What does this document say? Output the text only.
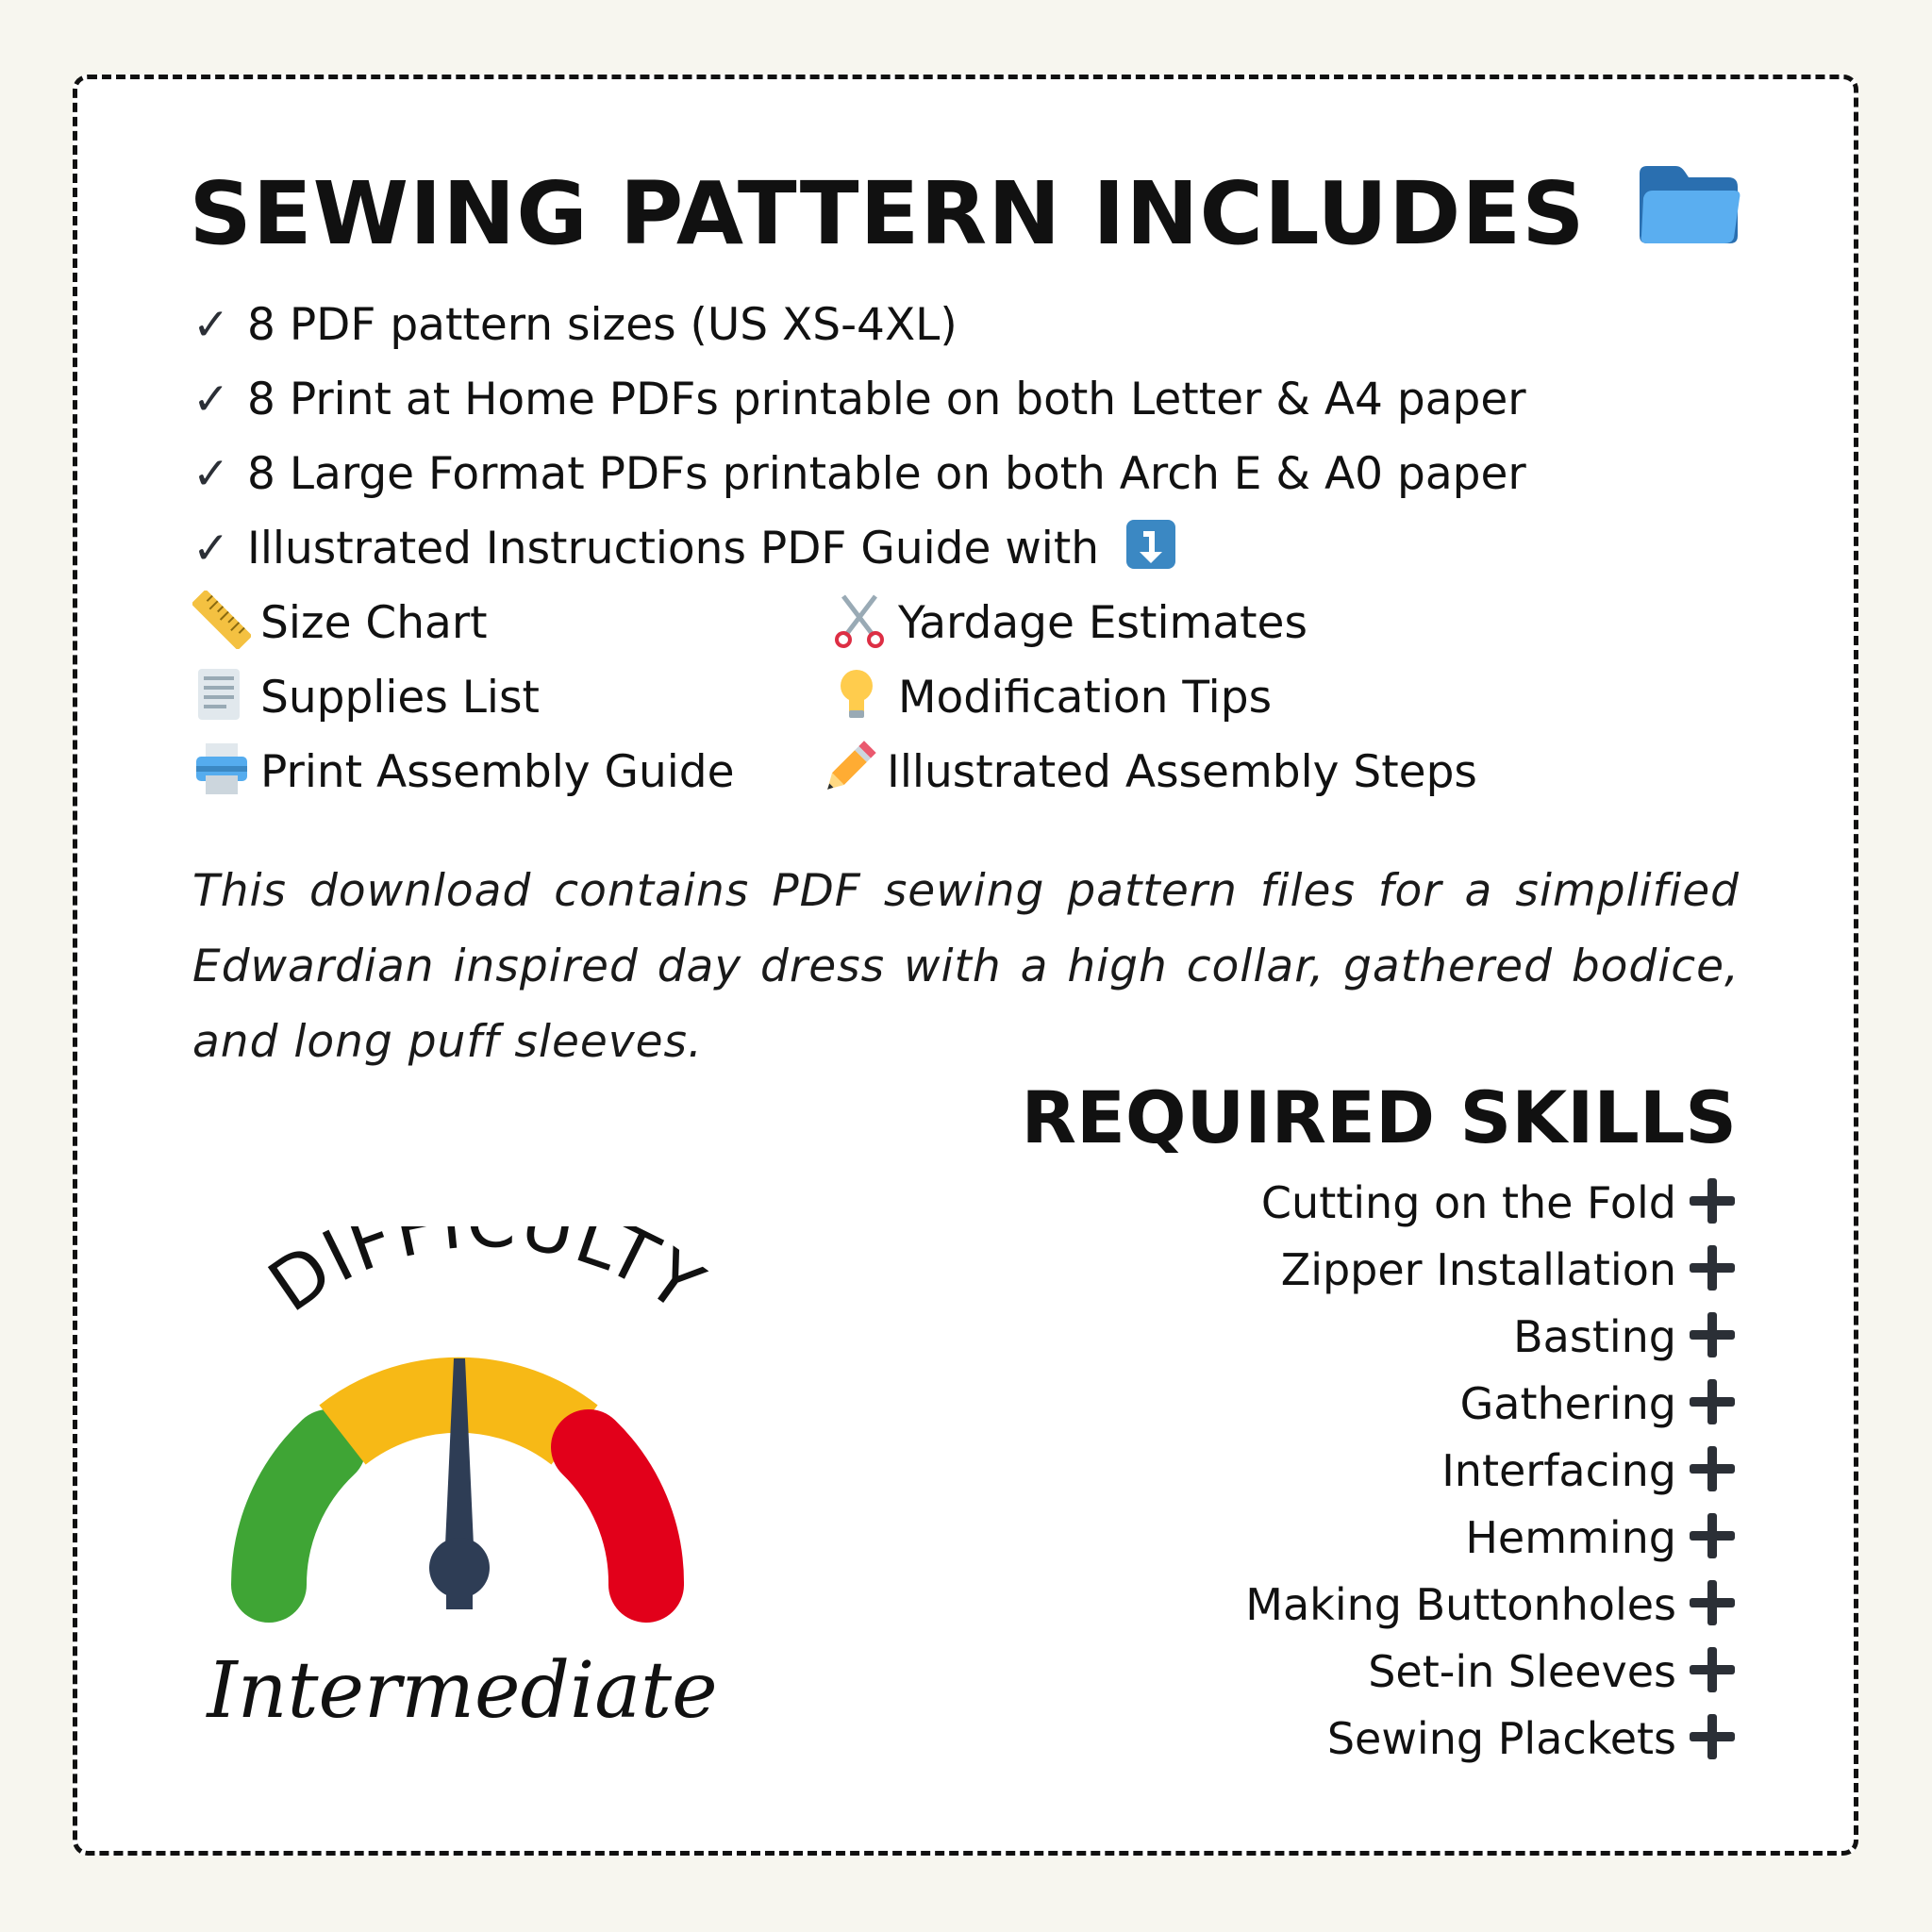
SEWING PATTERN INCLUDES
✓ 8 PDF pattern sizes (US XS-4XL)
✓ 8 Print at Home PDFs printable on both Letter & A4 paper
✓ 8 Large Format PDFs printable on both Arch E & A0 paper
✓ Illustrated Instructions PDF Guide with
Size Chart
Supplies List
Print Assembly Guide
Yardage Estimates
Modification Tips
Illustrated Assembly Steps
This download contains PDF sewing pattern files for a simplified Edwardian inspired day dress with a high collar, gathered bodice, and long puff sleeves.
REQUIRED SKILLS
Cutting on the Fold
Zipper Installation
Basting
Gathering
Interfacing
Hemming
Making Buttonholes
Set-in Sleeves
Sewing Plackets
DIFF ULTY
Intermediate
